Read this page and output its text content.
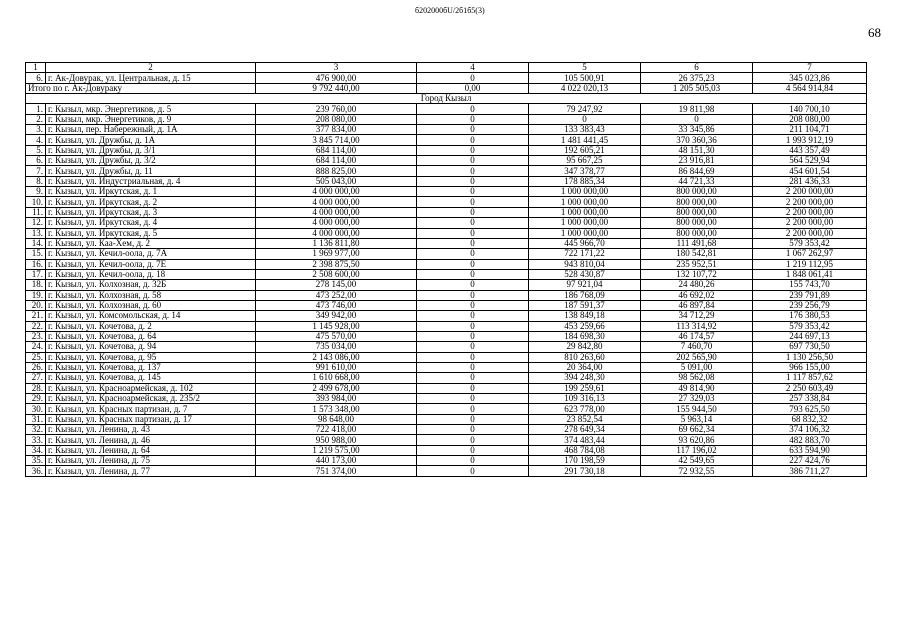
б202000бU/2б1б5(3)
68
1	2	3	4	5	6	7
6.	г. Ак-Довурак, ул. Центральная, д. 15	476 900,00	0	105 500,91	26 375,23	345 023,86
Итого по г. Ак-Довураку		9 792 440,00	0,00	4 022 020,13	1 205 505,03	4 564 914,84
Город Кызыл						
1.	г. Кызыл, мкр. Энергетиков, д. 5	239 760,00	0	79 247,92	19 811,98	140 700,10
2.	г. Кызыл, мкр. Энергетиков, д. 9	208 080,00	0	0	0	208 080,00
3.	г. Кызыл, пер. Набережный, д. 1А	377 834,00	0	133 383,43	33 345,86	211 104,71
4.	г. Кызыл, ул. Дружбы, д. 1А	3 845 714,00	0	1 481 441,45	370 360,36	1 993 912,19
5.	г. Кызыл, ул. Дружбы, д. 3/1	684 114,00	0	192 605,21	48 151,30	443 357,49
6.	г. Кызыл, ул. Дружбы, д. 3/2	684 114,00	0	95 667,25	23 916,81	564 529,94
7.	г. Кызыл, ул. Дружбы, д. 11	888 825,00	0	347 378,77	86 844,69	454 601,54
8.	г. Кызыл, ул. Индустриальная, д. 4	505 043,00	0	178 885,34	44 721,33	281 436,33
9.	г. Кызыл, ул. Иркутская, д. 1	4 000 000,00	0	1 000 000,00	800 000,00	2 200 000,00
10.	г. Кызыл, ул. Иркутская, д. 2	4 000 000,00	0	1 000 000,00	800 000,00	2 200 000,00
11.	г. Кызыл, ул. Иркутская, д. 3	4 000 000,00	0	1 000 000,00	800 000,00	2 200 000,00
12.	г. Кызыл, ул. Иркутская, д. 4	4 000 000,00	0	1 000 000,00	800 000,00	2 200 000,00
13.	г. Кызыл, ул. Иркутская, д. 5	4 000 000,00	0	1 000 000,00	800 000,00	2 200 000,00
14.	г. Кызыл, ул. Каа-Хем, д. 2	1 136 811,80	0	445 966,70	111 491,68	579 353,42
15.	г. Кызыл, ул. Кечил-оола, д. 7А	1 969 977,00	0	722 171,22	180 542,81	1 067 262,97
16.	г. Кызыл, ул. Кечил-оола, д. 7Е	2 398 875,50	0	943 810,04	235 952,51	1 219 112,95
17.	г. Кызыл, ул. Кечил-оола, д. 18	2 508 600,00	0	528 430,87	132 107,72	1 848 061,41
18.	г. Кызыл, ул. Колхозная, д. 32Б	278 145,00	0	97 921,04	24 480,26	155 743,70
19.	г. Кызыл, ул. Колхозная, д. 58	473 252,00	0	186 768,09	46 692,02	239 791,89
20.	г. Кызыл, ул. Колхозная, д. 60	473 746,00	0	187 591,37	46 897,84	239 256,79
21.	г. Кызыл, ул. Комсомольская, д. 14	349 942,00	0	138 849,18	34 712,29	176 380,53
22.	г. Кызыл, ул. Кочетова, д. 2	1 145 928,00	0	453 259,66	113 314,92	579 353,42
23.	г. Кызыл, ул. Кочетова, д. 64	475 570,00	0	184 698,30	46 174,57	244 697,13
24.	г. Кызыл, ул. Кочетова, д. 94	735 034,00	0	29 842,80	7 460,70	697 730,50
25.	г. Кызыл, ул. Кочетова, д. 95	2 143 086,00	0	810 263,60	202 565,90	1 130 256,50
26.	г. Кызыл, ул. Кочетова, д. 137	991 610,00	0	20 364,00	5 091,00	966 155,00
27.	г. Кызыл, ул. Кочетова, д. 145	1 610 668,00	0	394 248,30	98 562,08	1 117 857,62
28.	г. Кызыл, ул. Красноармейская, д. 102	2 499 678,00	0	199 259,61	49 814,90	2 250 603,49
29.	г. Кызыл, ул. Красноармейская, д. 235/2	393 984,00	0	109 316,13	27 329,03	257 338,84
30.	г. Кызыл, ул. Красных партизан, д. 7	1 573 348,00	0	623 778,00	155 944,50	793 625,50
31.	г. Кызыл, ул. Красных партизан, д. 17	98 648,00	0	23 852,54	5 963,14	68 832,32
32.	г. Кызыл, ул. Ленина, д. 43	722 418,00	0	278 649,34	69 662,34	374 106,32
33.	г. Кызыл, ул. Ленина, д. 46	950 988,00	0	374 483,44	93 620,86	482 883,70
34.	г. Кызыл, ул. Ленина, д. 64	1 219 575,00	0	468 784,08	117 196,02	633 594,90
35.	г. Кызыл, ул. Ленина, д. 75	440 173,00	0	170 198,59	42 549,65	227 424,76
36.	г. Кызыл, ул. Ленина, д. 77	751 374,00	0	291 730,18	72 932,55	386 711,27
